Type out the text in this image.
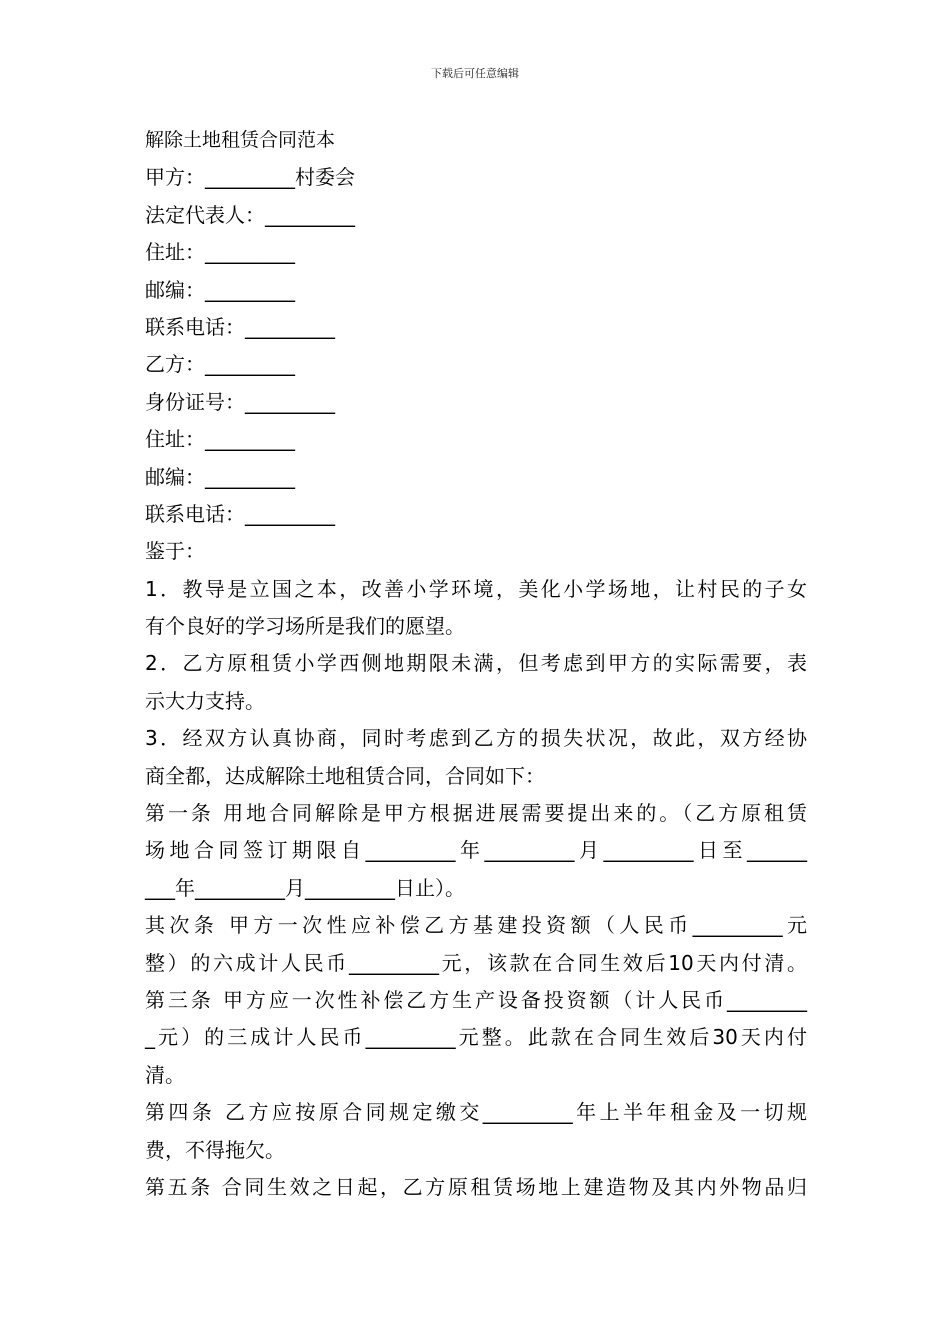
下载后可任意编辑
解除土地租赁合同范本
甲方：_________村委会
法定代表人：_________
住址：_________
邮编：_________
联系电话：_________
乙方：_________
身份证号：_________
住址：_________
邮编：_________
联系电话：_________
鉴于：
1．教导是立国之本，改善小学环境，美化小学场地，让村民的子女
有个良好的学习场所是我们的愿望。
2．乙方原租赁小学西侧地期限未满，但考虑到甲方的实际需要，表
示大力支持。
3．经双方认真协商，同时考虑到乙方的损失状况，故此，双方经协
商全都，达成解除土地租赁合同，合同如下：
第一条 用地合同解除是甲方根据进展需要提出来的。（乙方原租赁
场地合同签订期限自_________年_________月_________日至______
___年_________月_________日止）。
其次条 甲方一次性应补偿乙方基建投资额（人民币_________元
整）的六成计人民币_________元，该款在合同生效后10天内付清。
第三条 甲方应一次性补偿乙方生产设备投资额（计人民币________
_元）的三成计人民币_________元整。此款在合同生效后30天内付
清。
第四条 乙方应按原合同规定缴交_________年上半年租金及一切规
费，不得拖欠。
第五条 合同生效之日起，乙方原租赁场地上建造物及其内外物品归
